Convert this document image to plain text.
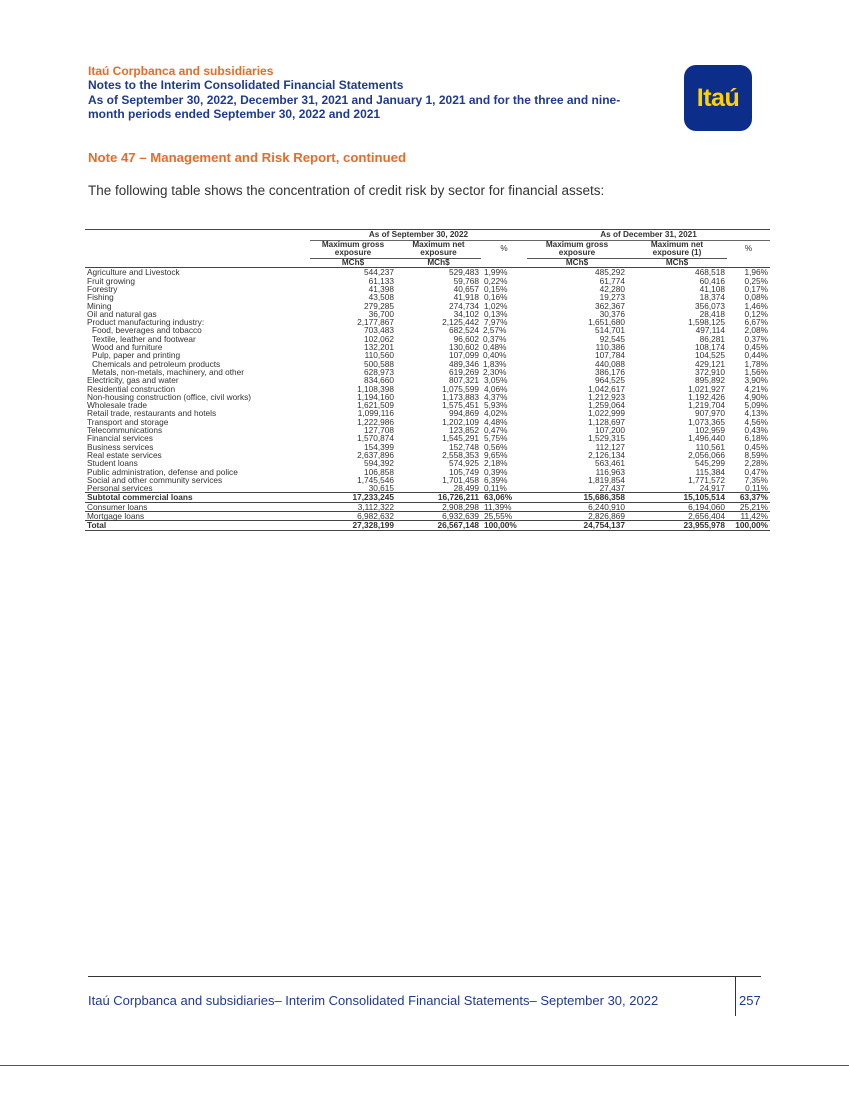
Itaú Corpbanca and subsidiaries
Notes to the Interim Consolidated Financial Statements
As of September 30, 2022, December 31, 2021 and January 1, 2021 and for the three and nine-
month periods ended September 30, 2022 and 2021
Itaú
Note 47 – Management and Risk Report, continued
The following table shows the concentration of credit risk by sector for financial assets:
	As of September 30, 2022			As of December 31, 2021		
	Maximum gross	Maximum net	%	Maximum gross	Maximum net	%
	exposure	exposure		exposure	exposure (1)	
	MCh$	MCh$		MCh$	MCh$	
Agriculture and Livestock	544,237	529,483	1,99%	485,292	468,518	1,96%
Fruit growing	61,133	59,768	0,22%	61,774	60,416	0,25%
Forestry	41,398	40,657	0,15%	42,280	41,108	0,17%
Fishing	43,508	41,918	0,16%	19,273	18,374	0,08%
Mining	279,285	274,734	1,02%	362,367	356,073	1,46%
Oil and natural gas	36,700	34,102	0,13%	30,376	28,418	0,12%
Product manufacturing industry:	2,177,867	2,125,442	7,97%	1,651,680	1,598,125	6,67%
Food, beverages and tobacco	703,483	682,524	2,57%	514,701	497,114	2,08%
Textile, leather and footwear	102,062	96,602	0,37%	92,545	86,281	0,37%
Wood and furniture	132,201	130,602	0,48%	110,386	108,174	0,45%
Pulp, paper and printing	110,560	107,099	0,40%	107,784	104,525	0,44%
Chemicals and petroleum products	500,588	489,346	1,83%	440,088	429,121	1,78%
Metals, non-metals, machinery, and other	628,973	619,269	2,30%	386,176	372,910	1,56%
Electricity, gas and water	834,660	807,321	3,05%	964,525	895,892	3,90%
Residential construction	1,108,398	1,075,599	4,06%	1,042,617	1,021,927	4,21%
Non-housing construction (office, civil works)	1,194,160	1,173,883	4,37%	1,212,923	1,192,426	4,90%
Wholesale trade	1,621,509	1,575,451	5,93%	1,259,064	1,219,704	5,09%
Retail trade, restaurants and hotels	1,099,116	994,869	4,02%	1,022,999	907,970	4,13%
Transport and storage	1,222,986	1,202,109	4,48%	1,128,697	1,073,365	4,56%
Telecommunications	127,708	123,852	0,47%	107,200	102,959	0,43%
Financial services	1,570,874	1,545,291	5,75%	1,529,315	1,496,440	6,18%
Business services	154,399	152,748	0,56%	112,127	110,561	0,45%
Real estate services	2,637,896	2,558,353	9,65%	2,126,134	2,056,066	8,59%
Student loans	594,392	574,925	2,18%	563,461	545,299	2,28%
Public administration, defense and police	106,858	105,749	0,39%	116,963	115,384	0,47%
Social and other community services	1,745,546	1,701,458	6,39%	1,819,854	1,771,572	7,35%
Personal services	30,615	28,499	0,11%	27,437	24,917	0,11%
Subtotal commercial loans	17,233,245	16,726,211	63,06%	15,686,358	15,105,514	63,37%
Consumer loans	3,112,322	2,908,298	11,39%	6,240,910	6,194,060	25,21%
Mortgage loans	6,982,632	6,932,639	25,55%	2,826,869	2,656,404	11,42%
Total	27,328,199	26,567,148	100,00%	24,754,137	23,955,978	100,00%
Itaú Corpbanca and subsidiaries– Interim Consolidated Financial Statements– September 30, 2022	257
